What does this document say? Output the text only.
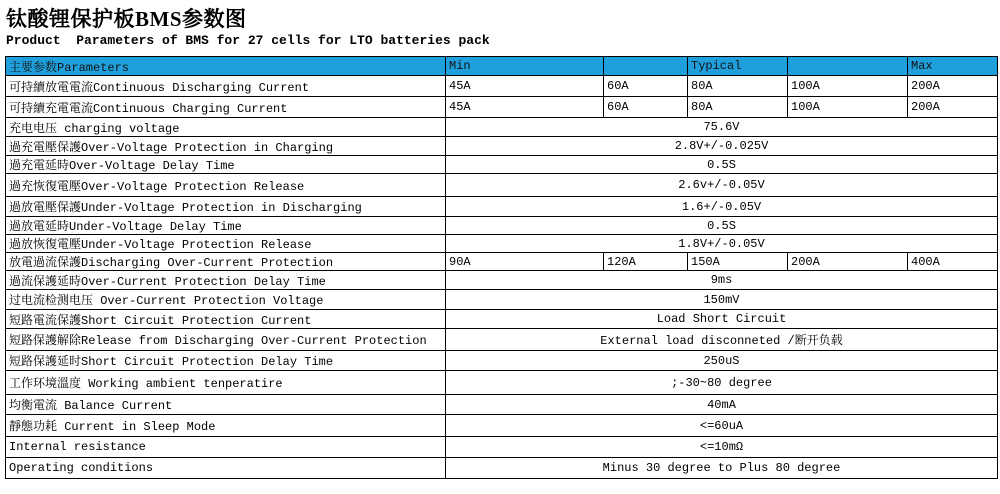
钛酸锂保护板BMS参数图
Product  Parameters of BMS for 27 cells for LTO batteries pack
主要参数Parameters	Min		Typical		Max
可持續放電電流Continuous Discharging Current	45A	60A	80A	100A	200A
可持續充電電流Continuous Charging Current	45A	60A	80A	100A	200A
充电电压 charging voltage	75.6V				
過充電壓保護Over-Voltage Protection in Charging	2.8V+/-0.025V				
過充電延時Over-Voltage Delay Time	0.5S				
過充恢復電壓Over-Voltage Protection Release	2.6v+/-0.05V				
過放電壓保護Under-Voltage Protection in Discharging	1.6+/-0.05V				
過放電延時Under-Voltage Delay Time	0.5S				
過放恢復電壓Under-Voltage Protection Release	1.8V+/-0.05V				
放電過流保護Discharging Over-Current Protection	90A	120A	150A	200A	400A
過流保護延時Over-Current Protection Delay Time	9ms				
过电流检测电压 Over-Current Protection Voltage	150mV				
短路電流保護Short Circuit Protection Current	Load Short Circuit				
短路保護解除Release from Discharging Over-Current Protection	External load disconneted /断开负载				
短路保護延时Short Circuit Protection Delay Time	250uS				
工作环境溫度 Working ambient tenperatire	;-30~80 degree				
均衡電流 Balance Current	40mA				
靜態功耗 Current in Sleep Mode	<=60uA				
Internal resistance	<=10mΩ				
Operating conditions	Minus 30 degree to Plus 80 degree				
